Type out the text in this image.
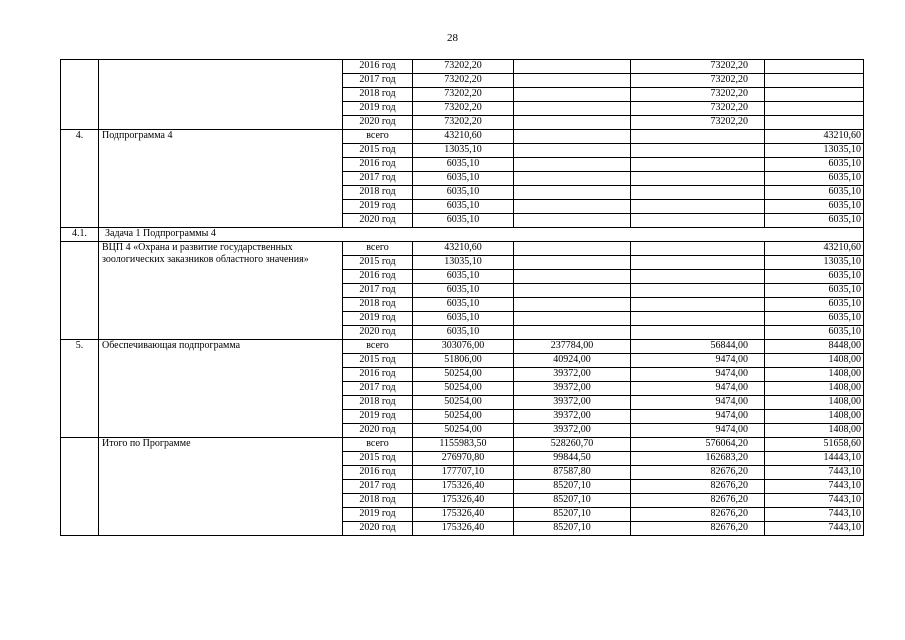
28
		2016 год	73202,20		73202,20	
		2017 год	73202,20		73202,20	
		2018 год	73202,20		73202,20	
		2019 год	73202,20		73202,20	
		2020 год	73202,20		73202,20	
4.	Подпрограмма 4	всего	43210,60			43210,60
		2015 год	13035,10			13035,10
		2016 год	6035,10			6035,10
		2017 год	6035,10			6035,10
		2018 год	6035,10			6035,10
		2019 год	6035,10			6035,10
		2020 год	6035,10			6035,10
4.1.	Задача 1 Подпрограммы 4					
	ВЦП 4 «Охрана и развитие государственных зоологических заказников областного значения»	всего	43210,60			43210,60
		2015 год	13035,10			13035,10
		2016 год	6035,10			6035,10
		2017 год	6035,10			6035,10
		2018 год	6035,10			6035,10
		2019 год	6035,10			6035,10
		2020 год	6035,10			6035,10
5.	Обеспечивающая подпрограмма	всего	303076,00	237784,00	56844,00	8448,00
		2015 год	51806,00	40924,00	9474,00	1408,00
		2016 год	50254,00	39372,00	9474,00	1408,00
		2017 год	50254,00	39372,00	9474,00	1408,00
		2018 год	50254,00	39372,00	9474,00	1408,00
		2019 год	50254,00	39372,00	9474,00	1408,00
		2020 год	50254,00	39372,00	9474,00	1408,00
	Итого по Программе	всего	1155983,50	528260,70	576064,20	51658,60
		2015 год	276970,80	99844,50	162683,20	14443,10
		2016 год	177707,10	87587,80	82676,20	7443,10
		2017 год	175326,40	85207,10	82676,20	7443,10
		2018 год	175326,40	85207,10	82676,20	7443,10
		2019 год	175326,40	85207,10	82676,20	7443,10
		2020 год	175326,40	85207,10	82676,20	7443,10
